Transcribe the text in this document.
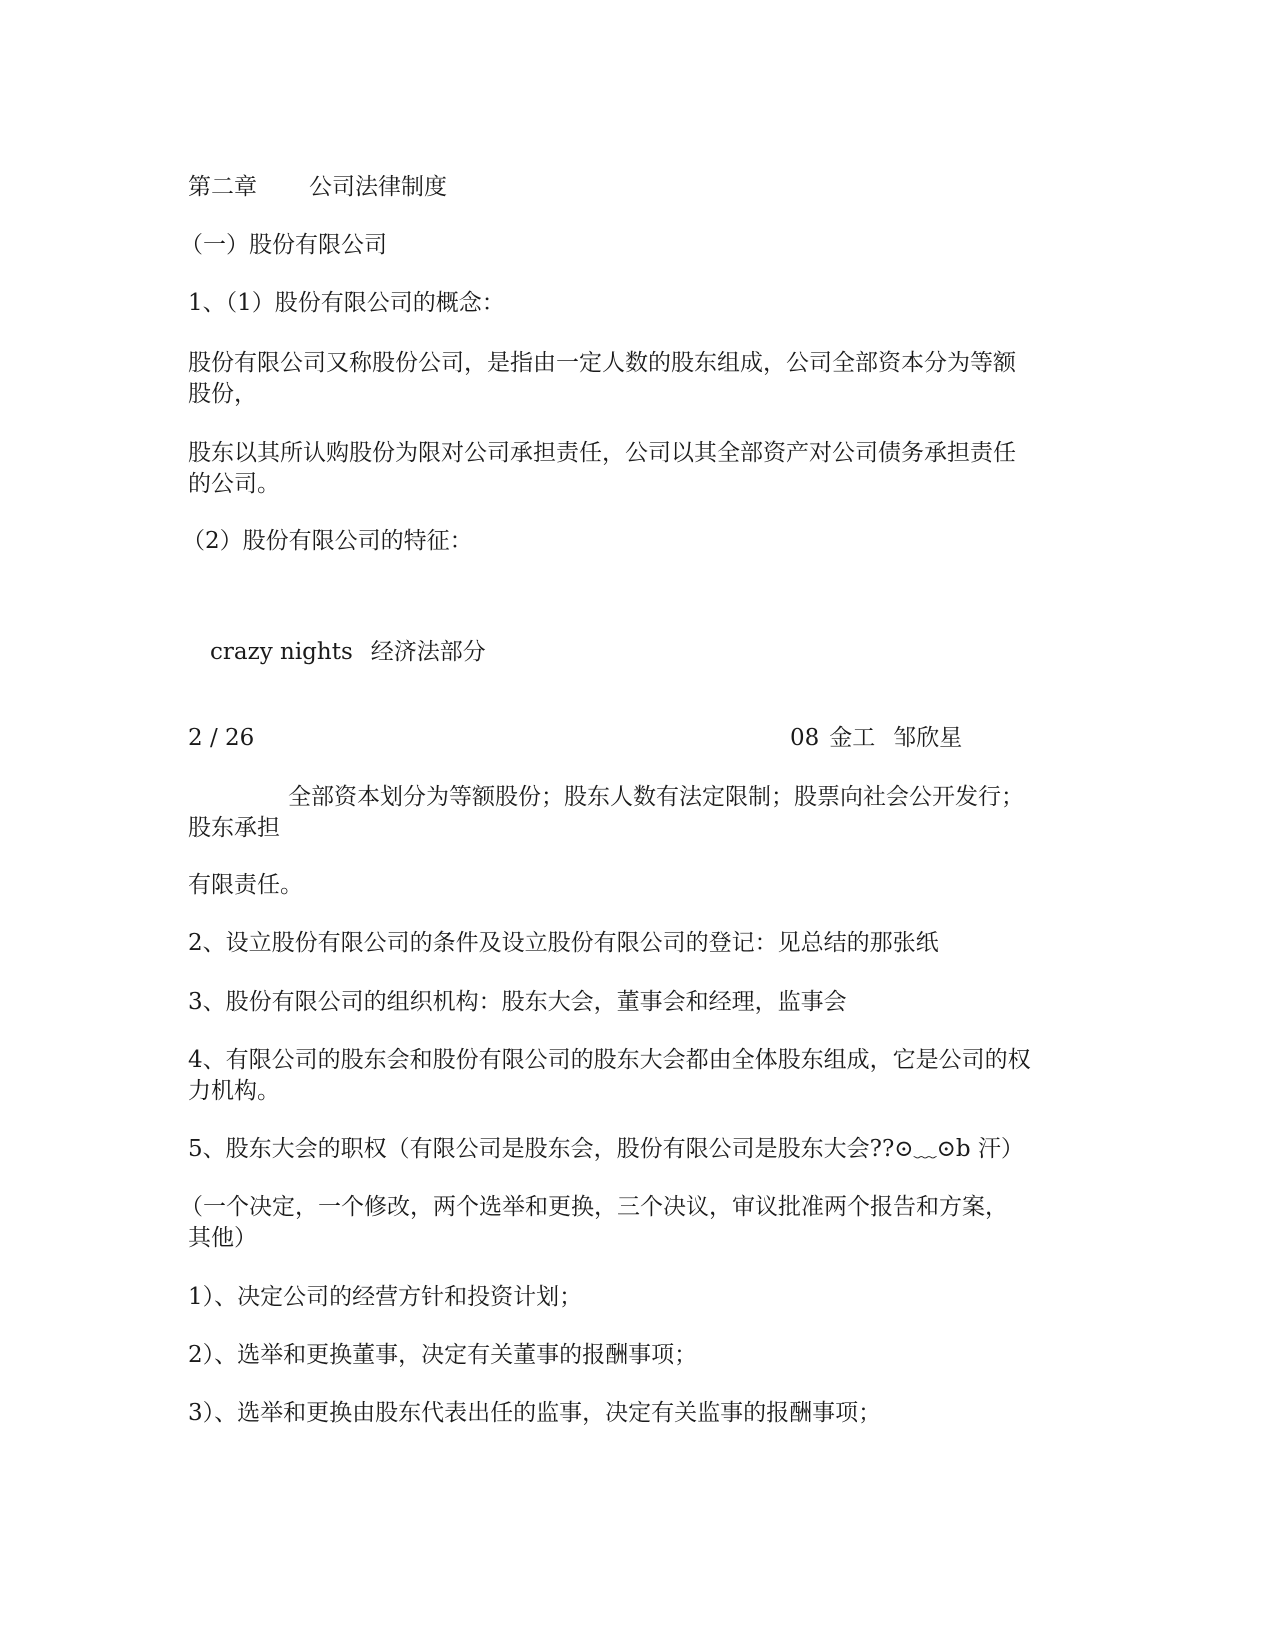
第二章 公司法律制度
（一）股份有限公司
1、（1）股份有限公司的概念：
股份有限公司又称股份公司，是指由一定人数的股东组成，公司全部资本分为等额
股份，
股东以其所认购股份为限对公司承担责任，公司以其全部资产对公司债务承担责任
的公司。
（2）股份有限公司的特征：
crazy nights 经济法部分
2 / 26	08 金工 邹欣星
全部资本划分为等额股份；股东人数有法定限制；股票向社会公开发行；
股东承担
有限责任。
2、设立股份有限公司的条件及设立股份有限公司的登记：见总结的那张纸
3、股份有限公司的组织机构：股东大会，董事会和经理，监事会
4、有限公司的股东会和股份有限公司的股东大会都由全体股东组成，它是公司的权
力机构。
5、股东大会的职权（有限公司是股东会，股份有限公司是股东大会??⊙﹏⊙b 汗）
（一个决定，一个修改，两个选举和更换，三个决议，审议批准两个报告和方案，
其他）
1）、决定公司的经营方针和投资计划；
2）、选举和更换董事，决定有关董事的报酬事项；
3）、选举和更换由股东代表出任的监事，决定有关监事的报酬事项；
